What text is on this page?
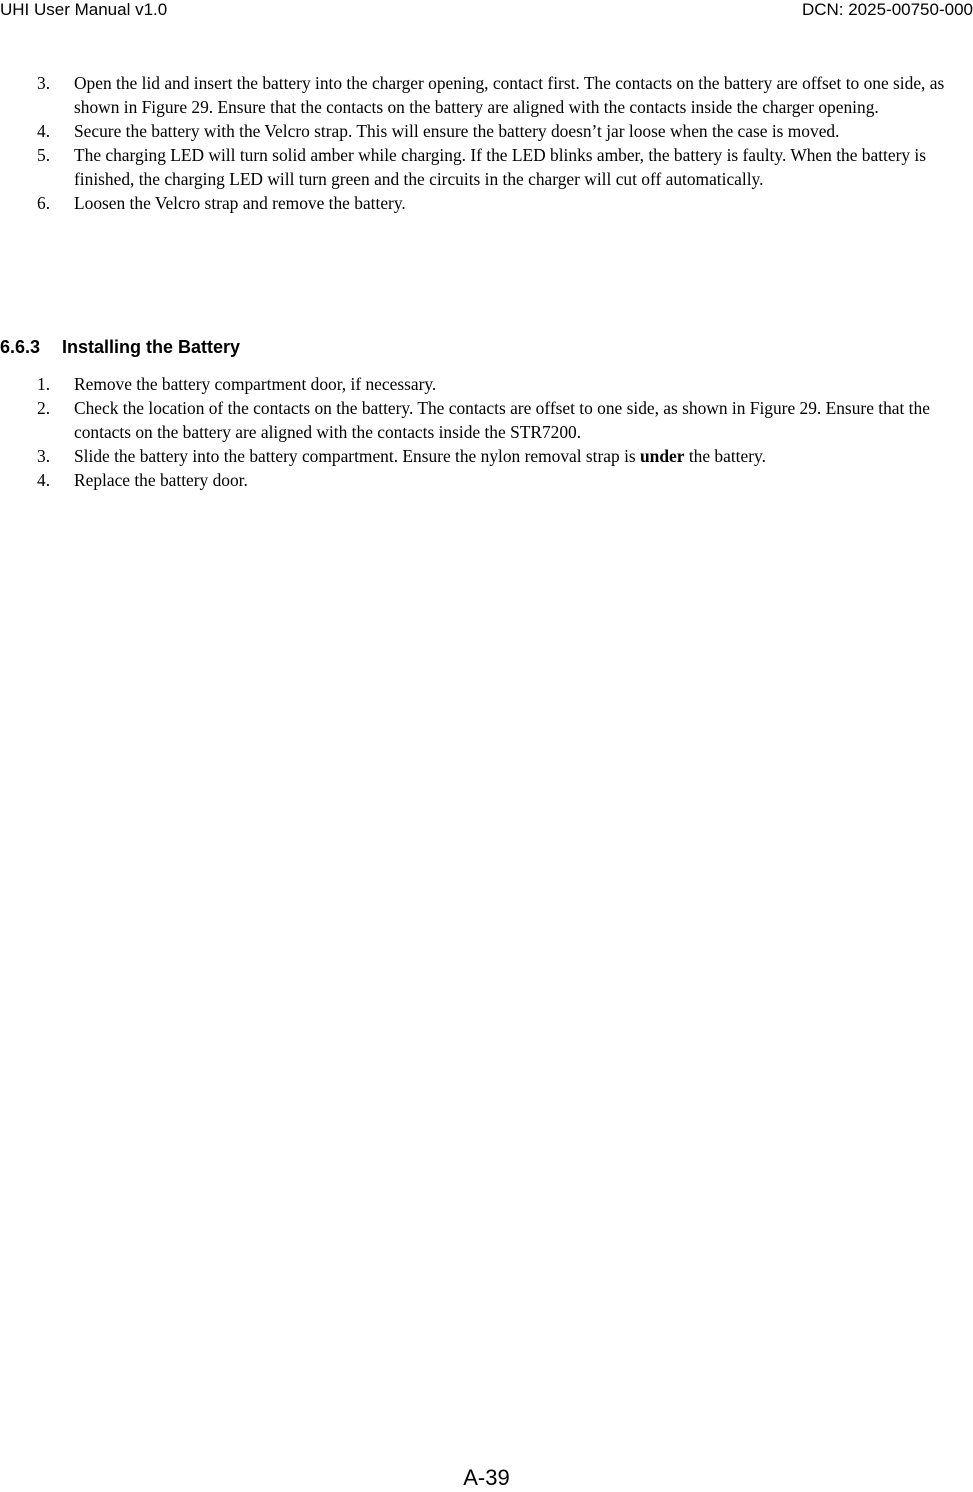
UHI User Manual v1.0	DCN: 2025-00750-000
3. Open the lid and insert the battery into the charger opening, contact first. The contacts on the battery are offset to one side, as shown in Figure 29. Ensure that the contacts on the battery are aligned with the contacts inside the charger opening.
4. Secure the battery with the Velcro strap. This will ensure the battery doesn’t jar loose when the case is moved.
5. The charging LED will turn solid amber while charging. If the LED blinks amber, the battery is faulty. When the battery is finished, the charging LED will turn green and the circuits in the charger will cut off automatically.
6. Loosen the Velcro strap and remove the battery.
6.6.3 Installing the Battery
1. Remove the battery compartment door, if necessary.
2. Check the location of the contacts on the battery. The contacts are offset to one side, as shown in Figure 29. Ensure that the contacts on the battery are aligned with the contacts inside the STR7200.
3. Slide the battery into the battery compartment. Ensure the nylon removal strap is under the battery.
4. Replace the battery door.
A-39
